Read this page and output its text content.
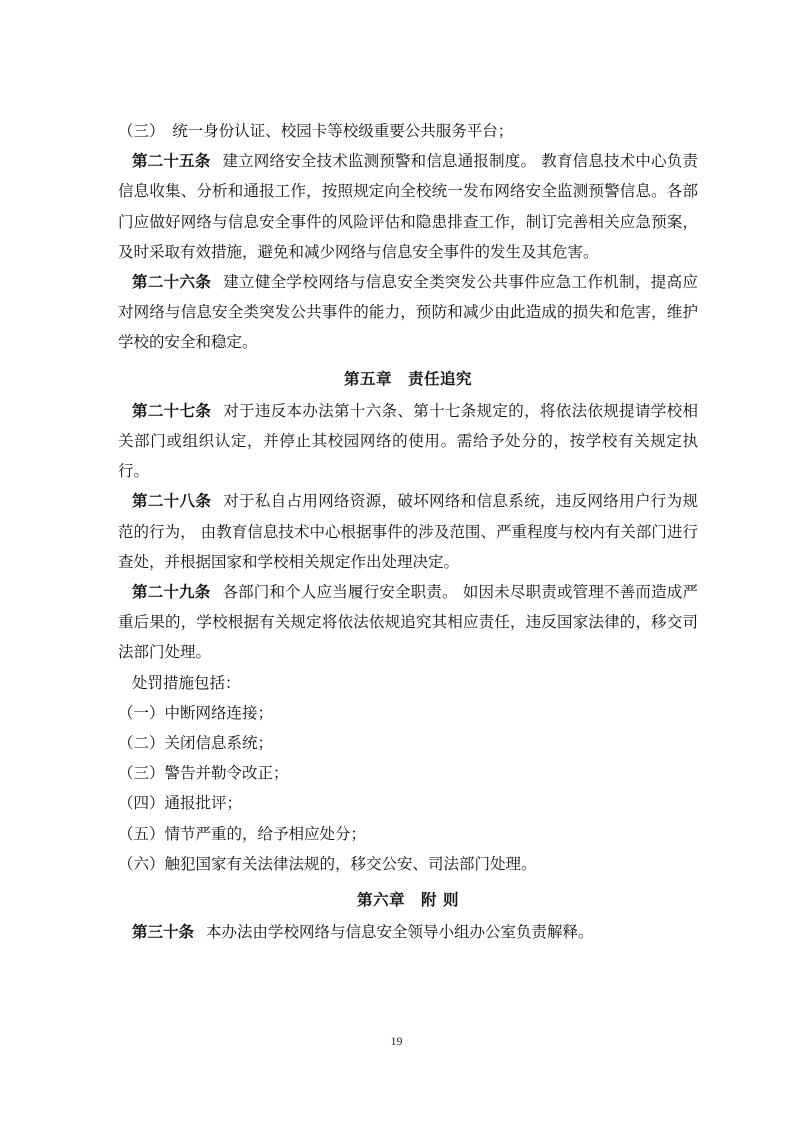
（三）　统一身份认证、校园卡等校级重要公共服务平台；

第二十五条 建立网络安全技术监测预警和信息通报制度。 教育信息技术中心负责信息收集、分析和通报工作，按照规定向全校统一发布网络安全监测预警信息。各部门应做好网络与信息安全事件的风险评估和隐患排查工作，制订完善相关应急预案，及时采取有效措施，避免和减少网络与信息安全事件的发生及其危害。

第二十六条 建立健全学校网络与信息安全类突发公共事件应急工作机制，提高应对网络与信息安全类突发公共事件的能力，预防和减少由此造成的损失和危害，维护学校的安全和稳定。

第五章 责任追究

第二十七条 对于违反本办法第十六条、第十七条规定的，将依法依规提请学校相关部门或组织认定，并停止其校园网络的使用。需给予处分的，按学校有关规定执行。

第二十八条 对于私自占用网络资源，破坏网络和信息系统，违反网络用户行为规范的行为， 由教育信息技术中心根据事件的涉及范围、严重程度与校内有关部门进行查处，并根据国家和学校相关规定作出处理决定。

第二十九条 各部门和个人应当履行安全职责。 如因未尽职责或管理不善而造成严重后果的，学校根据有关规定将依法依规追究其相应责任，违反国家法律的，移交司法部门处理。

处罚措施包括：

（一）中断网络连接；

（二）关闭信息系统；

（三）警告并勒令改正；

（四）通报批评；

（五）情节严重的，给予相应处分；

（六）触犯国家有关法律法规的，移交公安、司法部门处理。

第六章 附 则

第三十条 本办法由学校网络与信息安全领导小组办公室负责解释。

19
